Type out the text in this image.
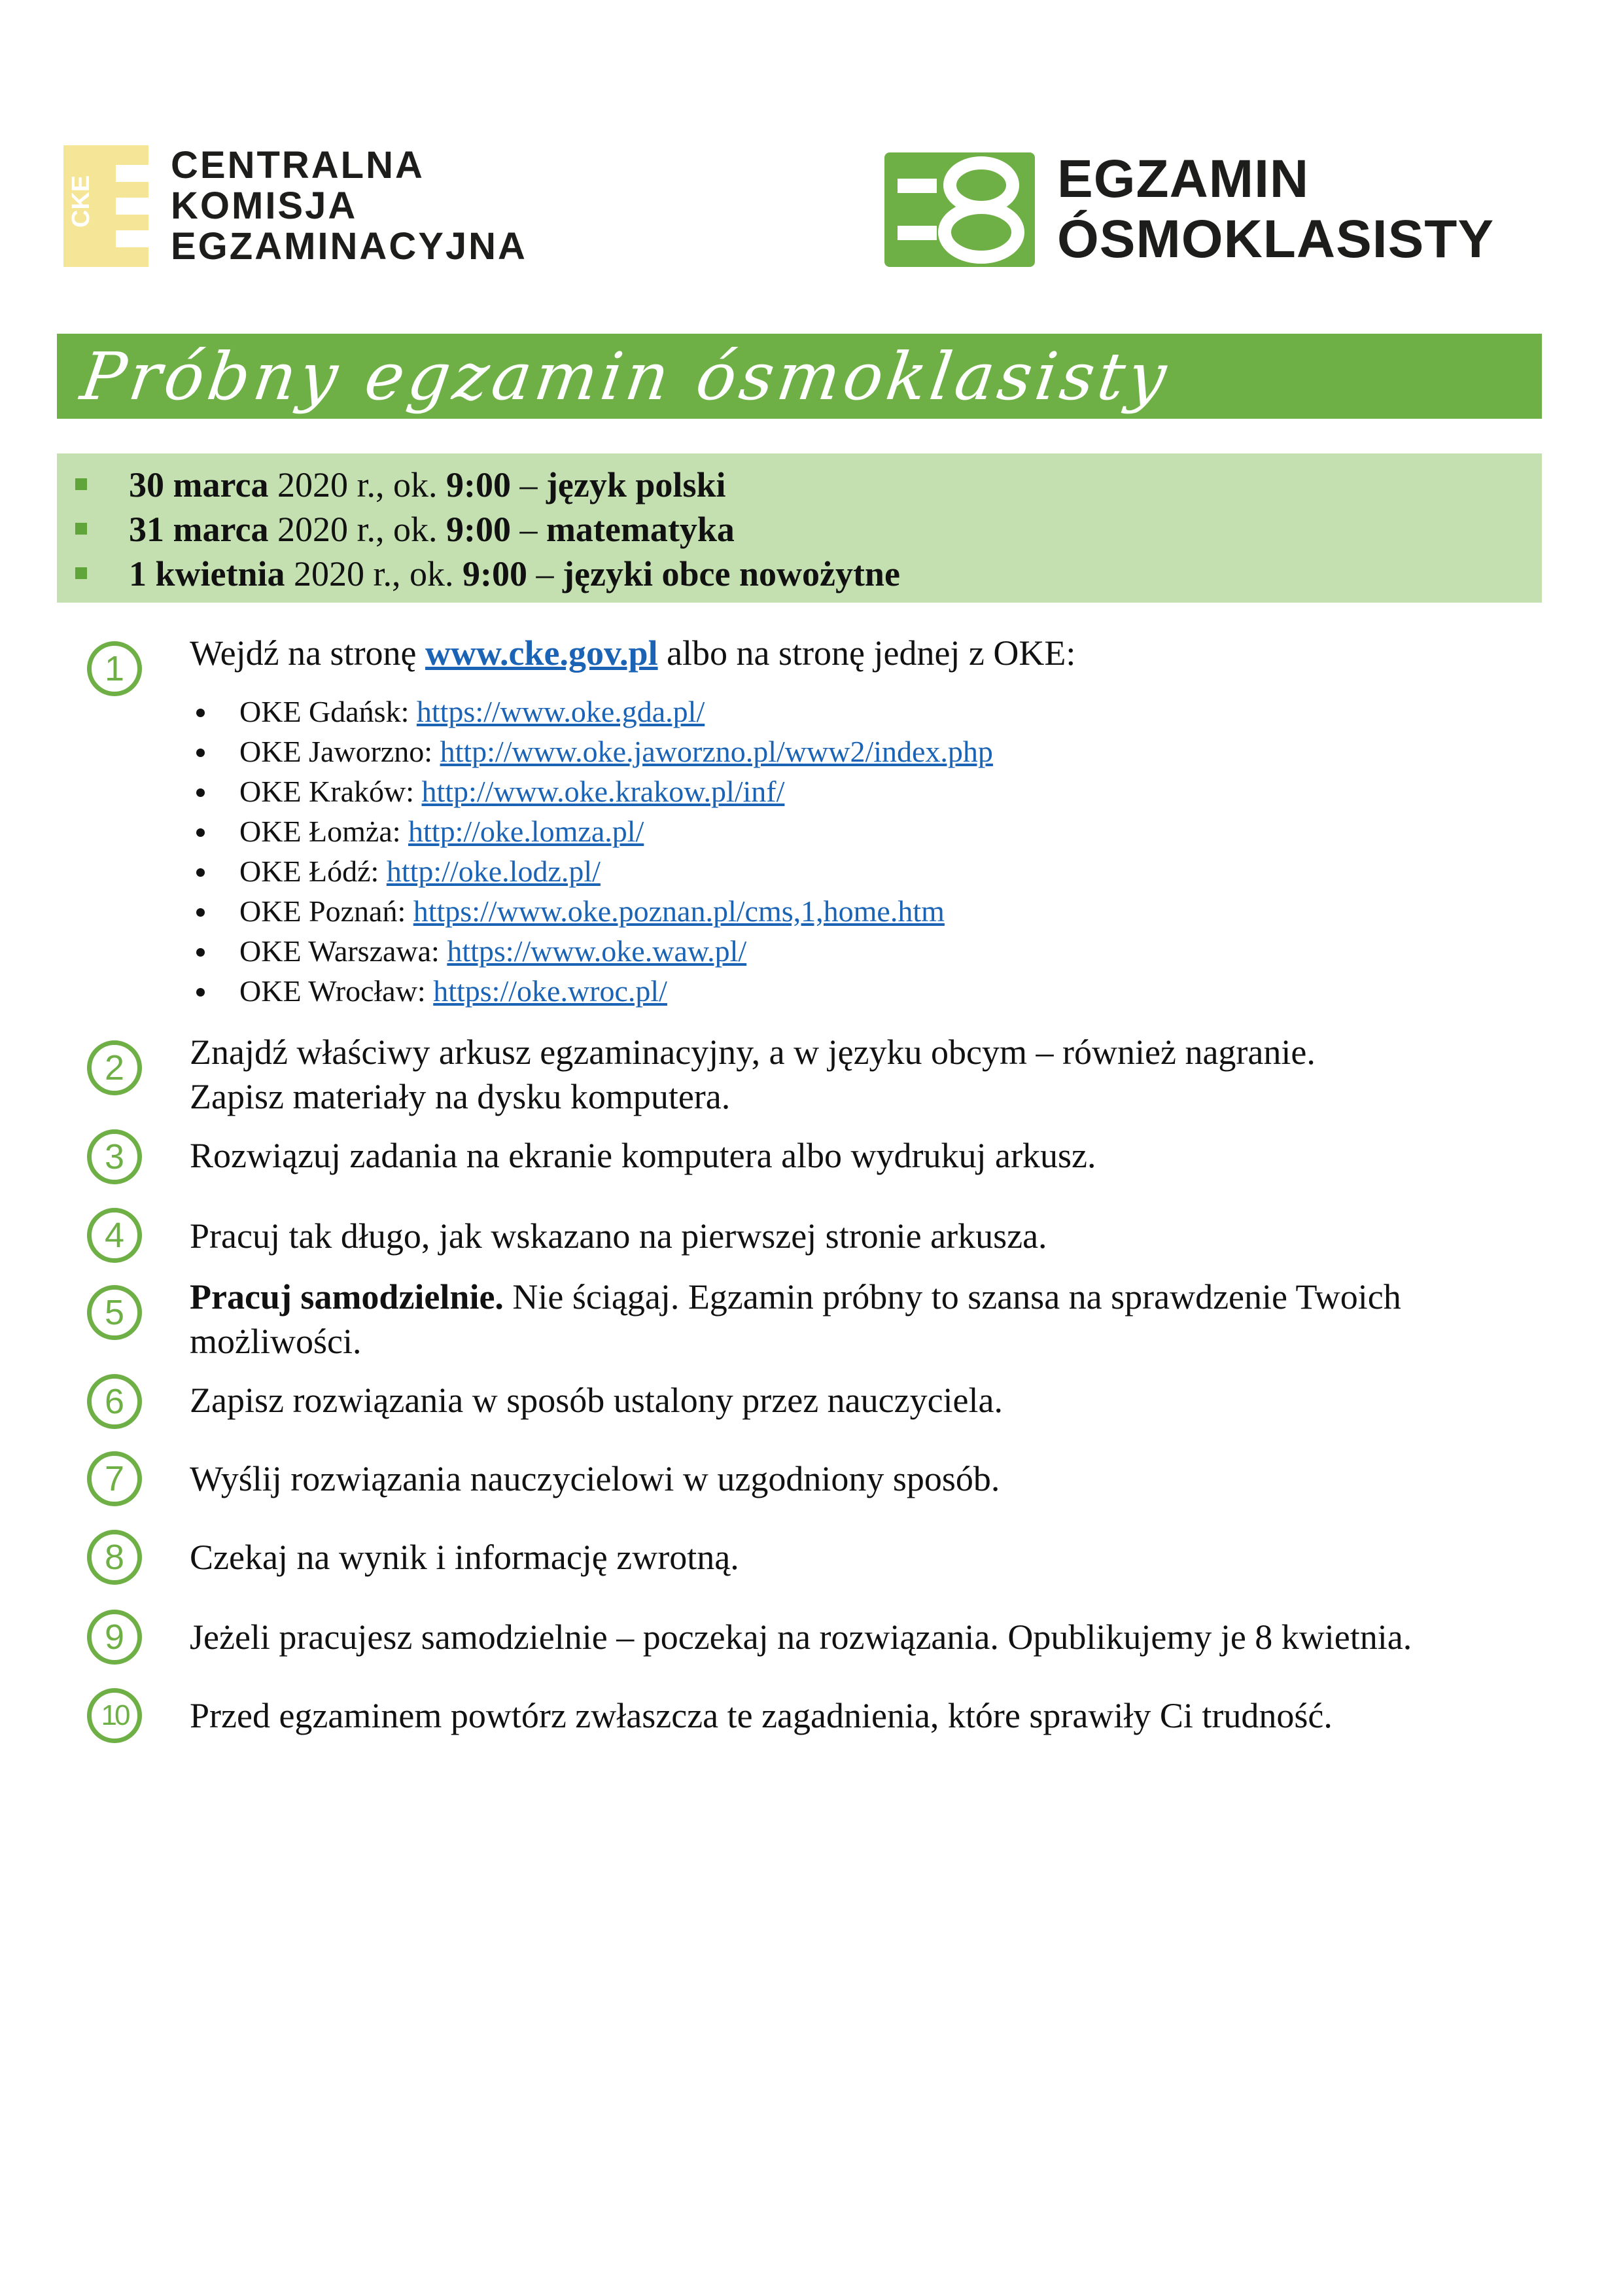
CKE
CENTRALNA
KOMISJA
EGZAMINACYJNA
EGZAMIN
ÓSMOKLASISTY
Próbny egzamin ósmoklasisty
30 marca 2020 r., ok. 9:00 – język polski
31 marca 2020 r., ok. 9:00 – matematyka
1 kwietnia 2020 r., ok. 9:00 – języki obce nowożytne
1	Wejdź na stronę www.cke.gov.pl albo na stronę jednej z OKE:
OKE Gdańsk: https://www.oke.gda.pl/
OKE Jaworzno: http://www.oke.jaworzno.pl/www2/index.php
OKE Kraków: http://www.oke.krakow.pl/inf/
OKE Łomża: http://oke.lomza.pl/
OKE Łódź: http://oke.lodz.pl/
OKE Poznań: https://www.oke.poznan.pl/cms,1,home.htm
OKE Warszawa: https://www.oke.waw.pl/
OKE Wrocław: https://oke.wroc.pl/
2	Znajdź właściwy arkusz egzaminacyjny, a w języku obcym – również nagranie.
Zapisz materiały na dysku komputera.
3	Rozwiązuj zadania na ekranie komputera albo wydrukuj arkusz.
4	Pracuj tak długo, jak wskazano na pierwszej stronie arkusza.
5	Pracuj samodzielnie. Nie ściągaj. Egzamin próbny to szansa na sprawdzenie Twoich
możliwości.
6	Zapisz rozwiązania w sposób ustalony przez nauczyciela.
7	Wyślij rozwiązania nauczycielowi w uzgodniony sposób.
8	Czekaj na wynik i informację zwrotną.
9	Jeżeli pracujesz samodzielnie – poczekaj na rozwiązania. Opublikujemy je 8 kwietnia.
10	Przed egzaminem powtórz zwłaszcza te zagadnienia, które sprawiły Ci trudność.
